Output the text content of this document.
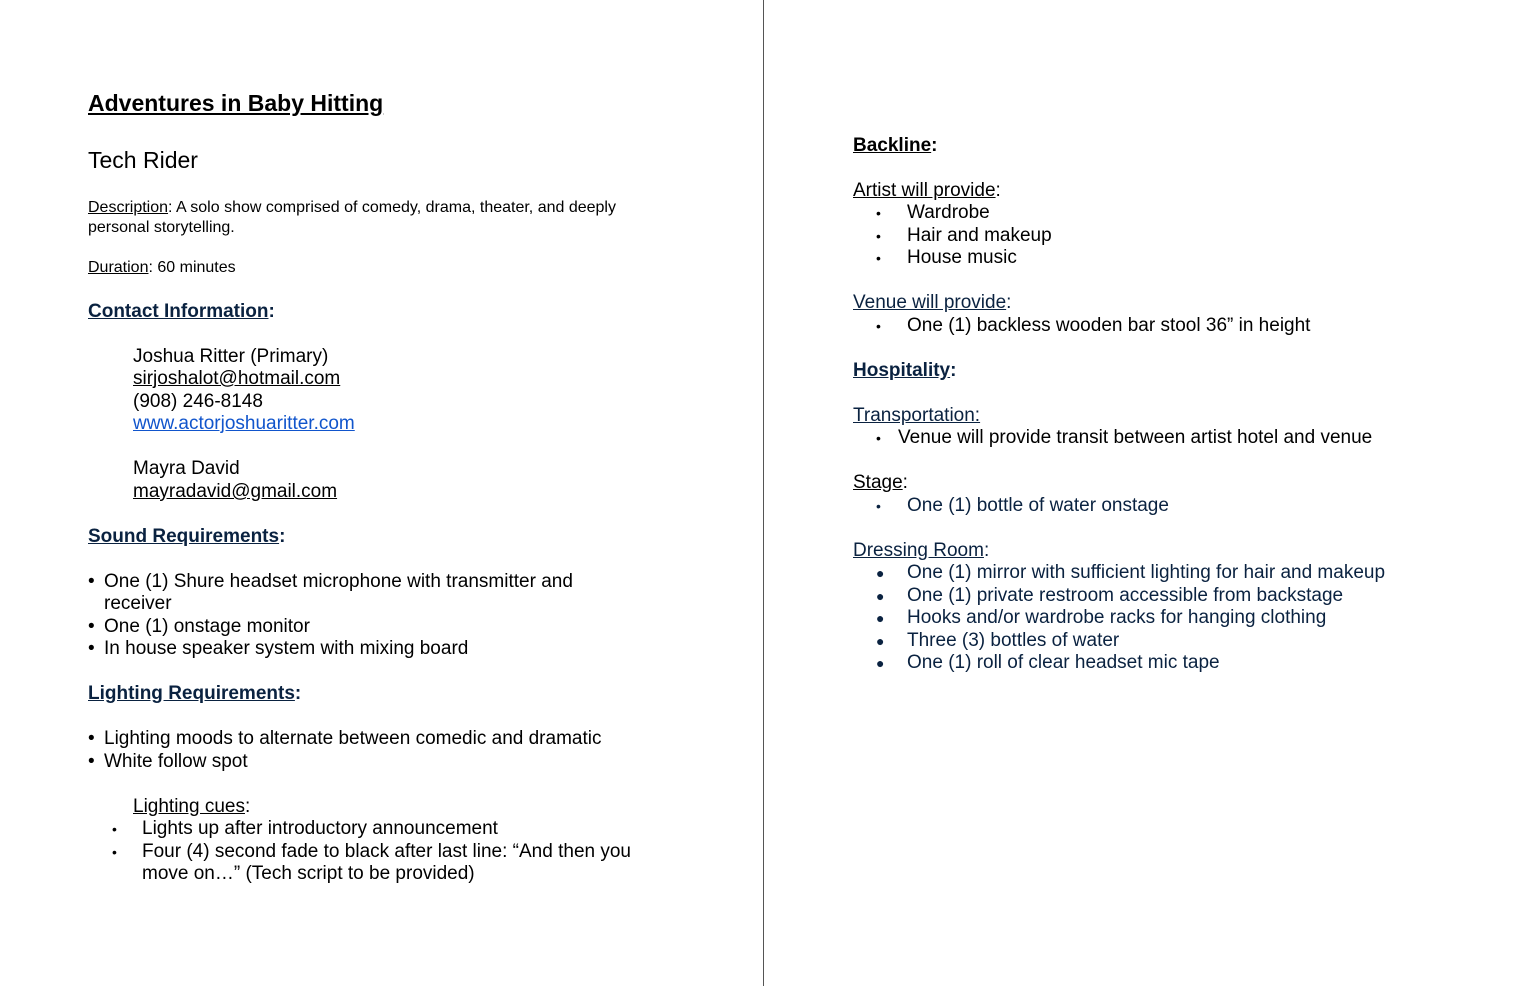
Adventures in Baby Hitting
Tech Rider
Description: A solo show comprised of comedy, drama, theater, and deeply
personal storytelling.
Duration: 60 minutes
Contact Information:
Joshua Ritter (Primary)
sirjoshalot@hotmail.com
(908) 246-8148
www.actorjoshuaritter.com
Mayra David
mayradavid@gmail.com
Sound Requirements:
• One (1) Shure headset microphone with transmitter and
receiver
• One (1) onstage monitor
• In house speaker system with mixing board
Lighting Requirements:
• Lighting moods to alternate between comedic and dramatic
• White follow spot
Lighting cues:
• Lights up after introductory announcement
• Four (4) second fade to black after last line: “And then you
move on…” (Tech script to be provided)
Backline:
Artist will provide:
• Wardrobe
• Hair and makeup
• House music
Venue will provide:
• One (1) backless wooden bar stool 36” in height
Hospitality:
Transportation:
• Venue will provide transit between artist hotel and venue
Stage:
• One (1) bottle of water onstage
Dressing Room:
● One (1) mirror with sufficient lighting for hair and makeup
● One (1) private restroom accessible from backstage
● Hooks and/or wardrobe racks for hanging clothing
● Three (3) bottles of water
● One (1) roll of clear headset mic tape
